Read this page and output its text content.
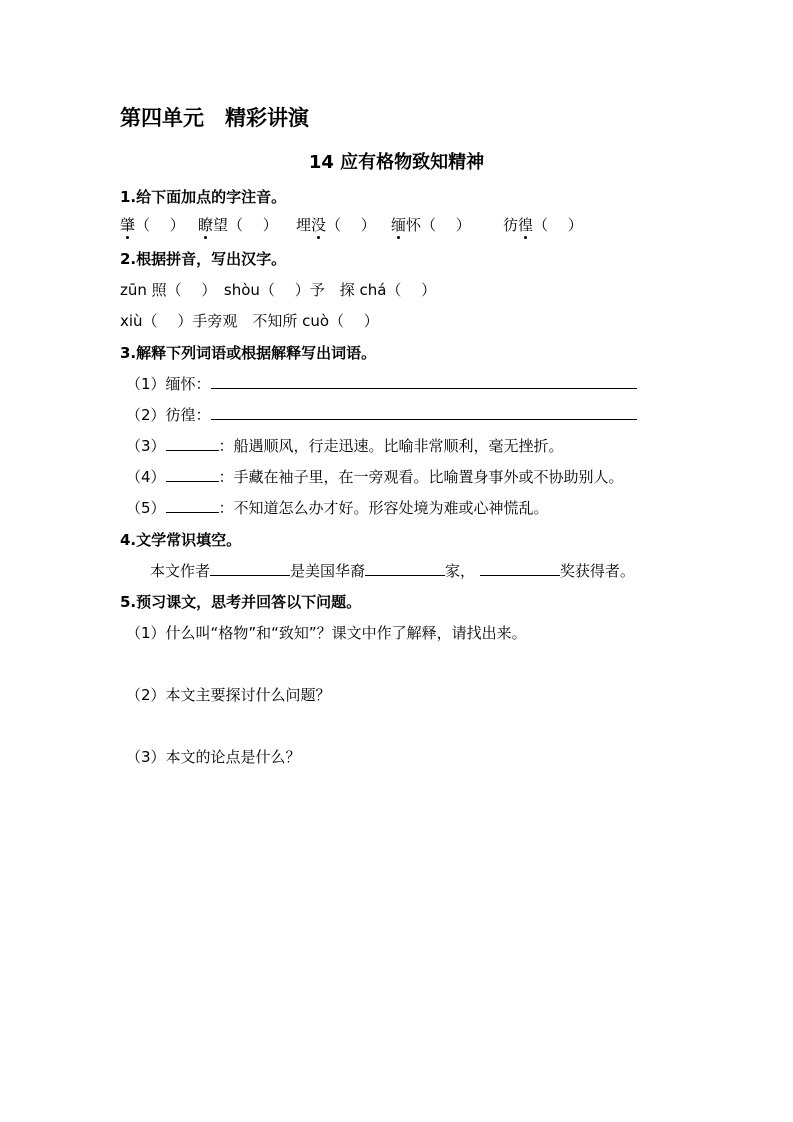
第四单元　精彩讲演
14 应有格物致知精神
1.给下面加点的字注音。
肇（　 ） 瞭望（　 ） 埋没（　 ） 缅怀（　 ） 彷徨（　 ）
2.根据拼音，写出汉字。
zūn 照（　 ）　shòu（　 ）予　探 chá（　 ）
xiù（　 ）手旁观　不知所 cuò（　 ）
3.解释下列词语或根据解释写出词语。
（1）缅怀：
（2）彷徨：
（3）	：船遇顺风，行走迅速。比喻非常顺利，毫无挫折。
（4）	：手藏在袖子里，在一旁观看。比喻置身事外或不协助别人。
（5）	：不知道怎么办才好。形容处境为难或心神慌乱。
4.文学常识填空。
本文作者	是美国华裔	家，	奖获得者。
5.预习课文，思考并回答以下问题。
（1）什么叫“格物”和“致知”？课文中作了解释，请找出来。
（2）本文主要探讨什么问题？
（3）本文的论点是什么？
